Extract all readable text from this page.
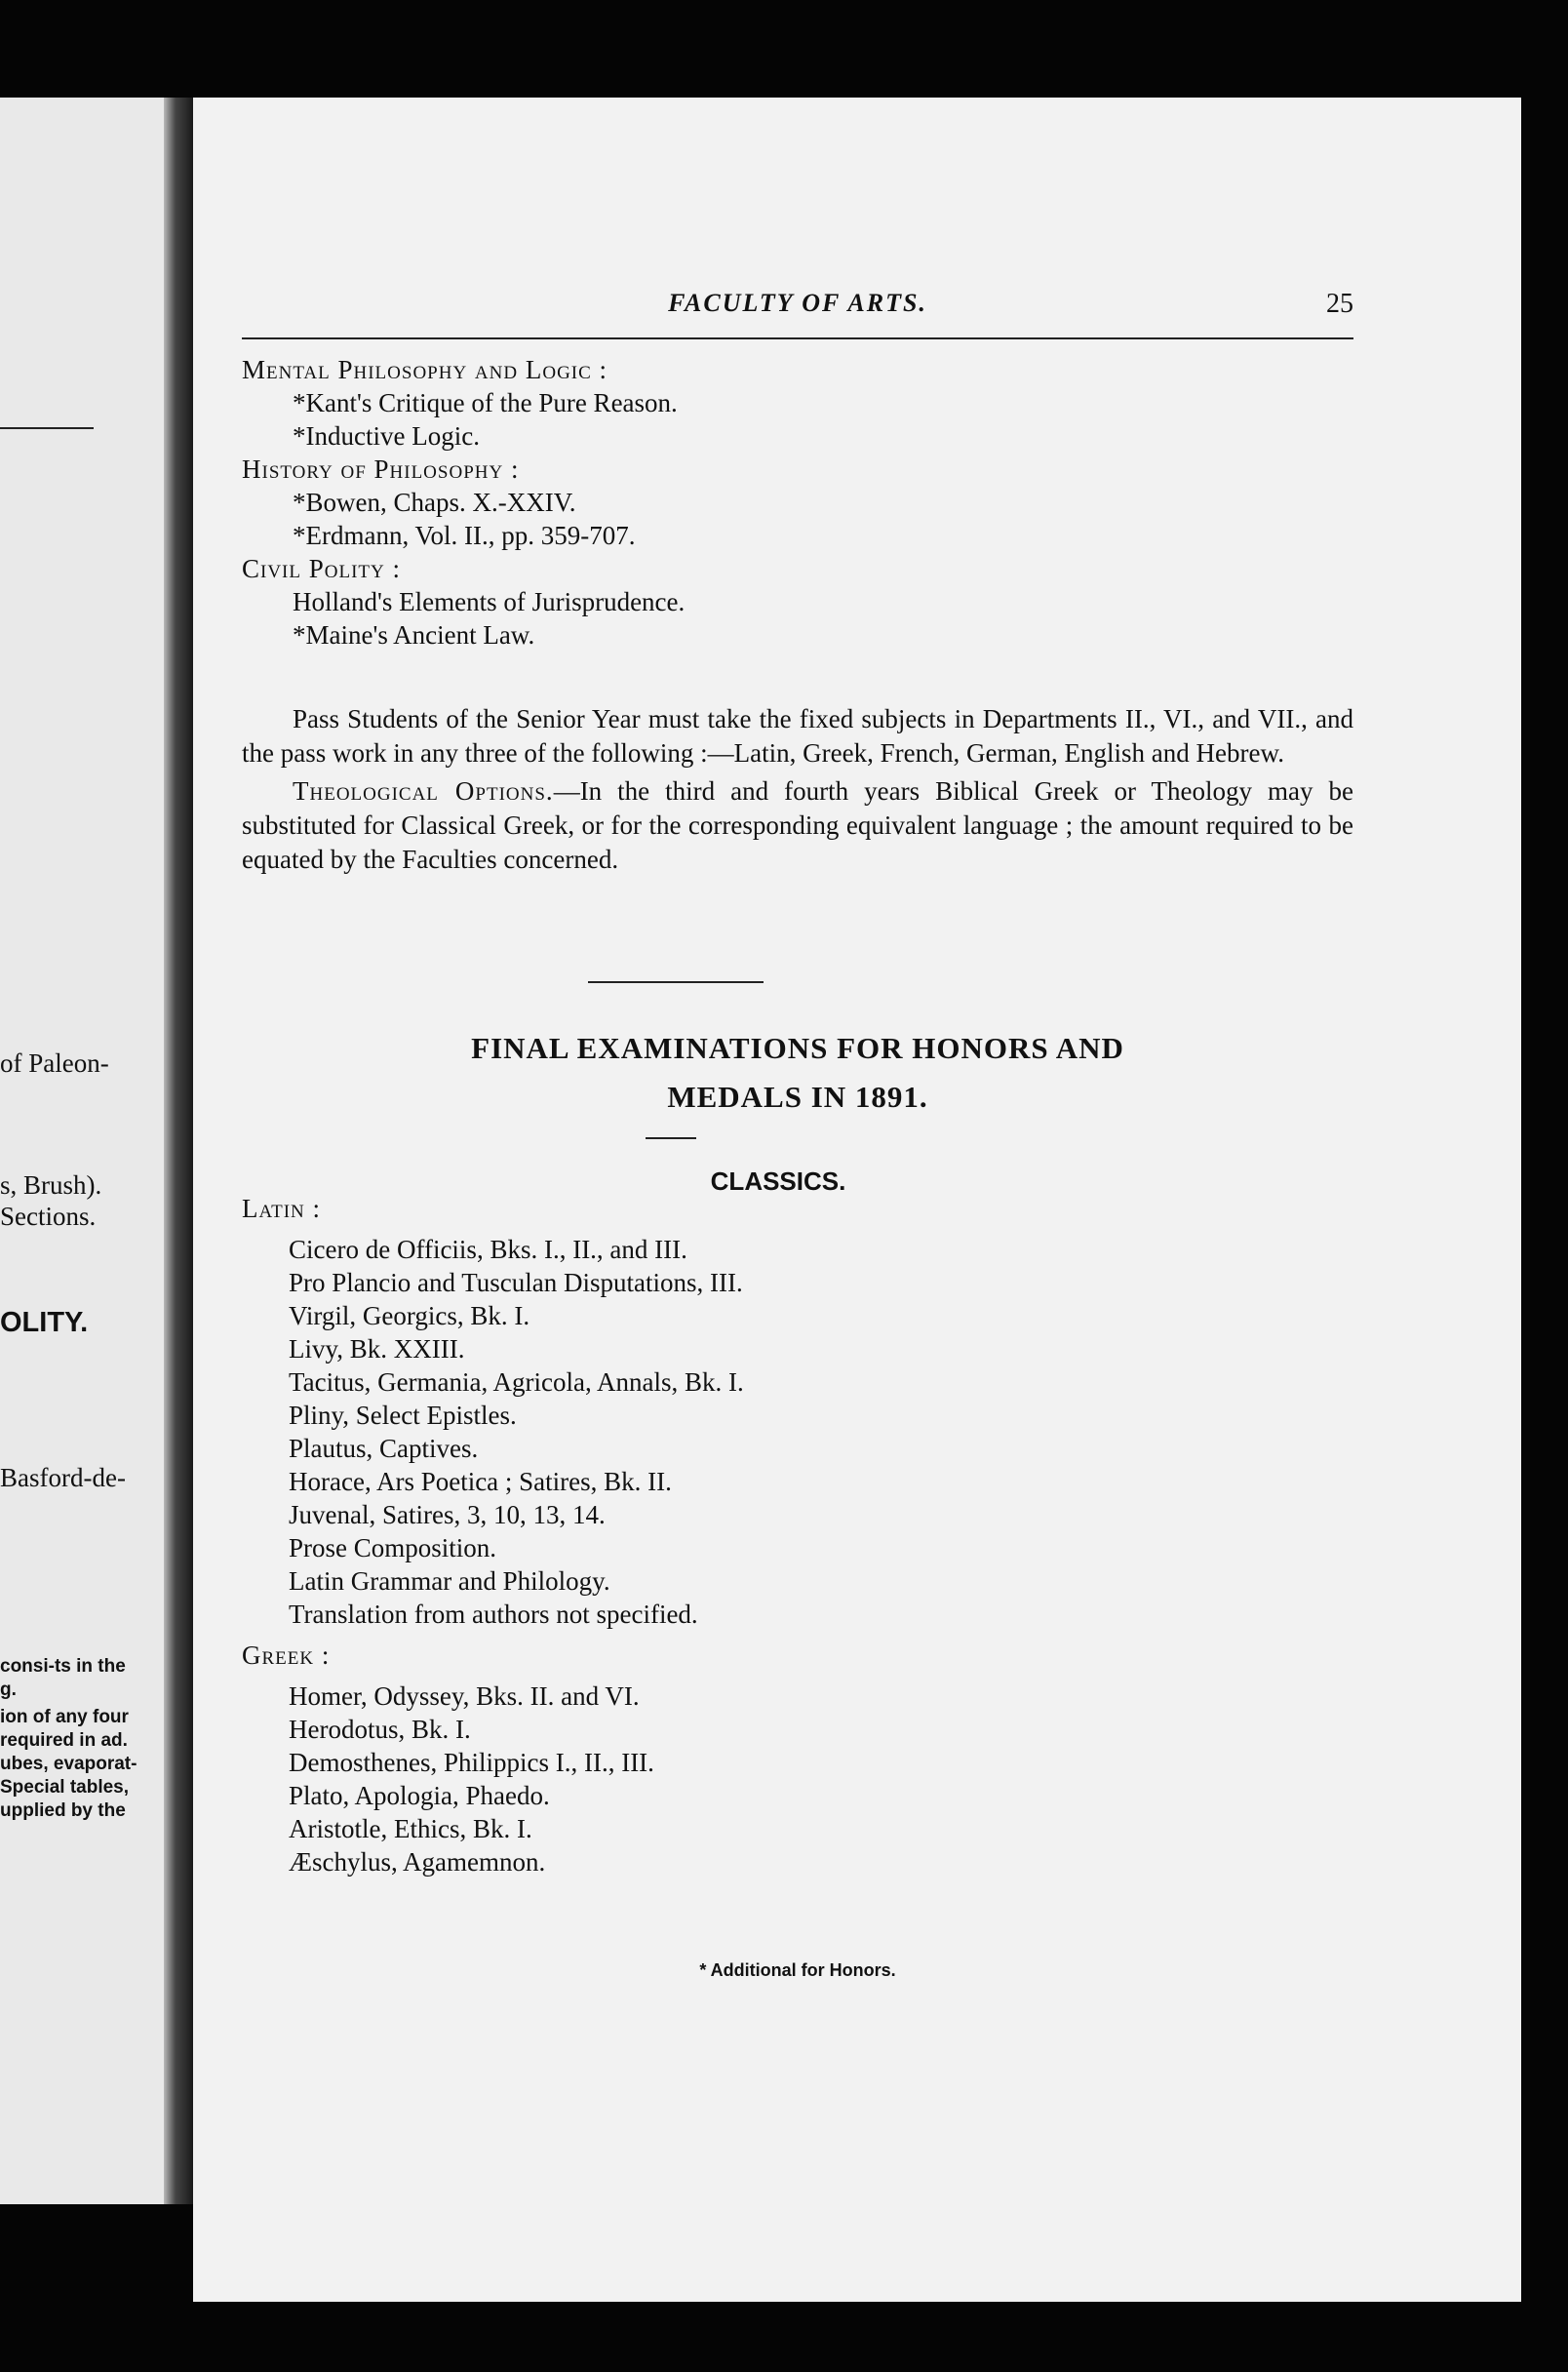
of Paleon-
s, Brush).
Sections.
OLITY.
Basford-de-
consi-ts in the
g.
ion of any four
required in ad.
ubes, evaporat-
Special tables,
upplied by the
FACULTY OF ARTS.	25
Mental Philosophy and Logic :
*Kant's Critique of the Pure Reason.
*Inductive Logic.
History of Philosophy :
*Bowen, Chaps. X.-XXIV.
*Erdmann, Vol. II., pp. 359-707.
Civil Polity :
Holland's Elements of Jurisprudence.
*Maine's Ancient Law.

Pass Students of the Senior Year must take the fixed subjects in Departments II., VI., and VII., and the pass work in any three of the following :—Latin, Greek, French, German, English and Hebrew.

Theological Options.—In the third and fourth years Biblical Greek or Theology may be substituted for Classical Greek, or for the corresponding equivalent language ; the amount required to be equated by the Faculties concerned.

FINAL EXAMINATIONS FOR HONORS AND
MEDALS IN 1891.
CLASSICS.
Latin :
Cicero de Officiis, Bks. I., II., and III.
Pro Plancio and Tusculan Disputations, III.
Virgil, Georgics, Bk. I.
Livy, Bk. XXIII.
Tacitus, Germania, Agricola, Annals, Bk. I.
Pliny, Select Epistles.
Plautus, Captives.
Horace, Ars Poetica ; Satires, Bk. II.
Juvenal, Satires, 3, 10, 13, 14.
Prose Composition.
Latin Grammar and Philology.
Translation from authors not specified.
Greek :
Homer, Odyssey, Bks. II. and VI.
Herodotus, Bk. I.
Demosthenes, Philippics I., II., III.
Plato, Apologia, Phaedo.
Aristotle, Ethics, Bk. I.
Æschylus, Agamemnon.
* Additional for Honors.
